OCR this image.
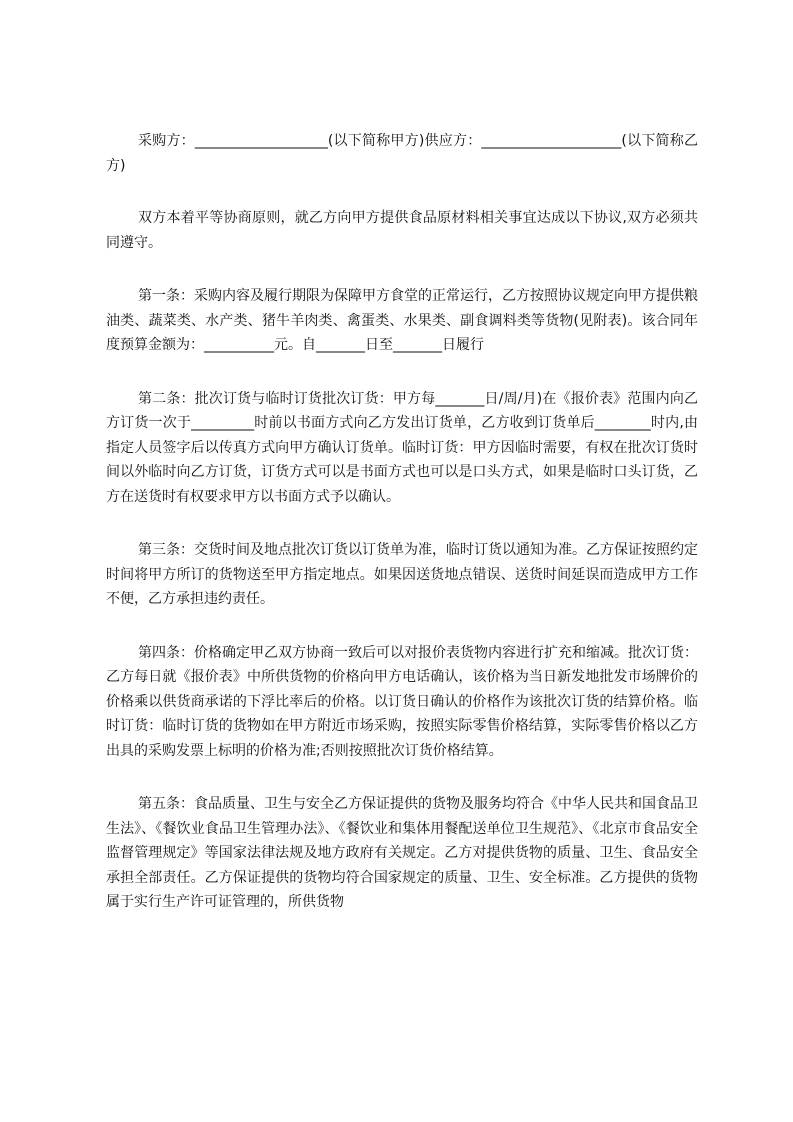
采购方：___________________(以下简称甲方)供应方：____________________(以下简称乙方)

双方本着平等协商原则，就乙方向甲方提供食品原材料相关事宜达成以下协议,双方必须共同遵守。

第一条：采购内容及履行期限为保障甲方食堂的正常运行，乙方按照协议规定向甲方提供粮油类、蔬菜类、水产类、猪牛羊肉类、禽蛋类、水果类、副食调料类等货物(见附表)。该合同年度预算金额为：__________元。自_______日至_______日履行

第二条：批次订货与临时订货批次订货：甲方每_______日/周/月)在《报价表》范围内向乙方订货一次于_________时前以书面方式向乙方发出订货单，乙方收到订货单后________时内,由指定人员签字后以传真方式向甲方确认订货单。临时订货：甲方因临时需要，有权在批次订货时间以外临时向乙方订货，订货方式可以是书面方式也可以是口头方式，如果是临时口头订货，乙方在送货时有权要求甲方以书面方式予以确认。

第三条：交货时间及地点批次订货以订货单为准，临时订货以通知为准。乙方保证按照约定时间将甲方所订的货物送至甲方指定地点。如果因送货地点错误、送货时间延误而造成甲方工作不便，乙方承担违约责任。

第四条：价格确定甲乙双方协商一致后可以对报价表货物内容进行扩充和缩减。批次订货：乙方每日就《报价表》中所供货物的价格向甲方电话确认，该价格为当日新发地批发市场牌价的价格乘以供货商承诺的下浮比率后的价格。以订货日确认的价格作为该批次订货的结算价格。临时订货：临时订货的货物如在甲方附近市场采购，按照实际零售价格结算，实际零售价格以乙方出具的采购发票上标明的价格为准;否则按照批次订货价格结算。

第五条：食品质量、卫生与安全乙方保证提供的货物及服务均符合《中华人民共和国食品卫生法》、《餐饮业食品卫生管理办法》、《餐饮业和集体用餐配送单位卫生规范》、《北京市食品安全监督管理规定》等国家法律法规及地方政府有关规定。乙方对提供货物的质量、卫生、食品安全承担全部责任。乙方保证提供的货物均符合国家规定的质量、卫生、安全标准。乙方提供的货物属于实行生产许可证管理的，所供货物
